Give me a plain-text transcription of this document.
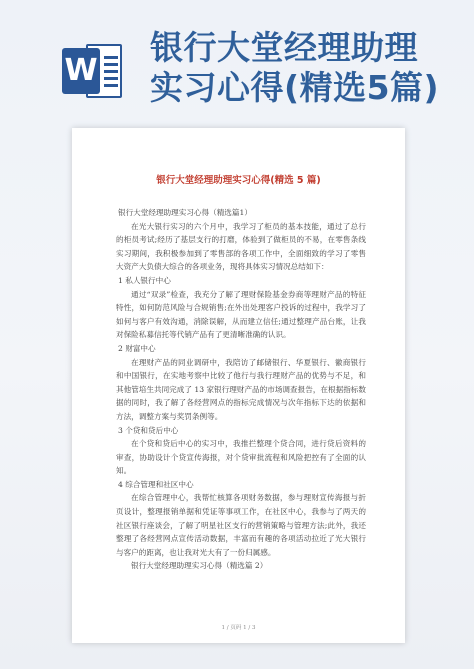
W
银行大堂经理助理
实习心得(精选5篇)
银行大堂经理助理实习心得(精选 5 篇)

银行大堂经理助理实习心得（精选篇1）

在光大银行实习的六个月中，我学习了柜员的基本技能，通过了总行的柜员考试;经历了基层支行的打磨，体验到了做柜员的不易，在零售条线实习期间，我积极参加到了零售部的各项工作中，全面细致的学习了零售大资产大负债大综合的各项业务，现将具体实习情况总结如下：

1 私人银行中心

通过“双录”检查，我充分了解了理财保险基金券商等理财产品的特征特性，如何防范风险与合规销售;在外出处理客户投诉的过程中，我学习了如何与客户有效沟通，消除误解，从而建立信任;通过整理产品台账，让我对保险私募信托等代销产品有了更清晰准确的认识。

2 财富中心

在理财产品的同业调研中，我陪访了邮储银行、华夏银行、徽商银行和中国银行，在实地考察中比较了他行与我行理财产品的优势与不足，和其他管培生共同完成了 13 家银行理财产品的市场调查报告，在根据指标数据的同时，我了解了各经营网点的指标完成情况与次年指标下达的依据和方法，调整方案与奖罚条例等。

3 个贷和贷后中心

在个贷和贷后中心的实习中，我推拦整理个贷合同，进行贷后资料的审查，协助设计个贷宣传海报，对个贷审批流程和风险把控有了全面的认知。

4 综合管理和社区中心

在综合管理中心，我帮忙核算各项财务数据，参与理财宣传海报与折页设计，整理报销单据和凭证等事项工作，在社区中心，我参与了两天的社区银行座谈会，了解了明星社区支行的营销策略与管理方法;此外，我还整理了各经营网点宣传活动数据，丰富而有趣的各项活动拉近了光大银行与客户的距离，也让我对光大有了一份归属感。

银行大堂经理助理实习心得（精选篇 2）

1 / 页码 1 / 3
